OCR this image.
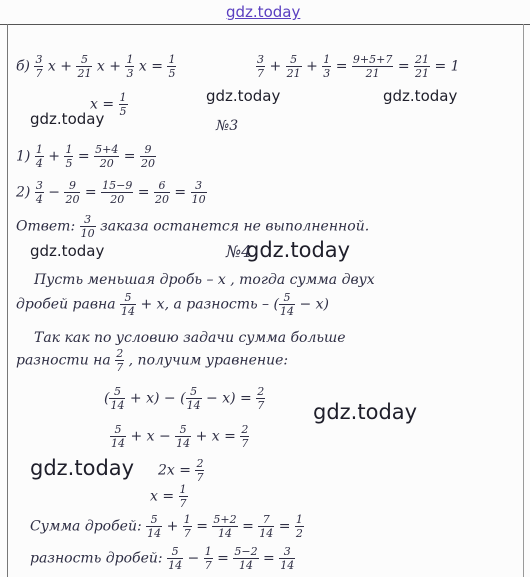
gdz.today
gdz.today	gdz.today
gdz.today
gdz.today	gdz.today
gdz.today
gdz.today
$б) \frac{3}{7}$ $x + \frac{5}{21}$ $x + \frac{1}{3}$ $x = \frac{1}{5}$	$\frac{3}{7} + \frac{5}{21} + \frac{1}{3} = \frac{9+5+7}{21} = \frac{21}{21} = 1$
$x = \frac{1}{5}$
№3
$1) \frac{1}{4} + \frac{1}{5} = \frac{5+4}{20} = \frac{9}{20}$
$2) \frac{3}{4} - \frac{9}{20} = \frac{15-9}{20} = \frac{6}{20} = \frac{3}{10}$
Ответ: $\frac{3}{10}$ заказа останется не выполненной.
№4
Пусть меньшая дробь – x , тогда сумма двух
дробей равна $\frac{5}{14} + x$, а разность – ( $\frac{5}{14} - x$)
Так как по условию задачи сумма больше
разности на $\frac{2}{7}$ , получим уравнение:
( $\frac{5}{14} + x$) − ( $\frac{5}{14} - x) = \frac{2}{7}$
$\frac{5}{14} + x - \frac{5}{14} + x = \frac{2}{7}$
$2x = \frac{2}{7}$
$x = \frac{1}{7}$
Сумма дробей: $\frac{5}{14} + \frac{1}{7} = \frac{5+2}{14} = \frac{7}{14} = \frac{1}{2}$
разность дробей: $\frac{5}{14} - \frac{1}{7} = \frac{5-2}{14} = \frac{3}{14}$
